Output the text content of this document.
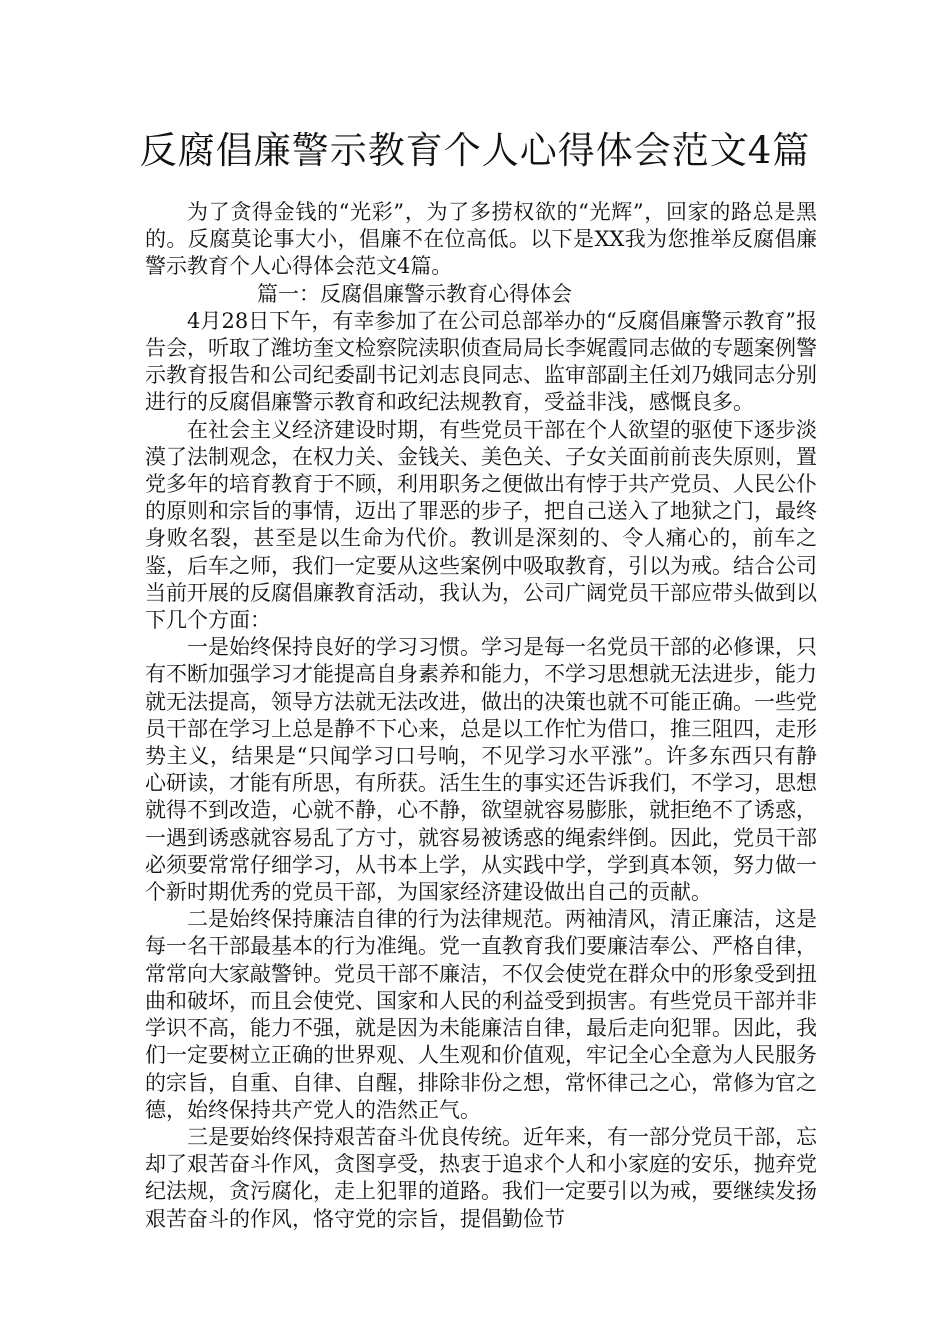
反腐倡廉警示教育个人心得体会范文4篇

为了贪得金钱的“光彩”，为了多捞权欲的“光辉”，回家的路总是黑的。反腐莫论事大小，倡廉不在位高低。以下是XX我为您推举反腐倡廉警示教育个人心得体会范文4篇。

篇一：反腐倡廉警示教育心得体会

4月28日下午，有幸参加了在公司总部举办的“反腐倡廉警示教育”报告会，听取了潍坊奎文检察院渎职侦查局局长李娓霞同志做的专题案例警示教育报告和公司纪委副书记刘志良同志、监审部副主任刘乃娥同志分别进行的反腐倡廉警示教育和政纪法规教育，受益非浅，感慨良多。

在社会主义经济建设时期，有些党员干部在个人欲望的驱使下逐步淡漠了法制观念，在权力关、金钱关、美色关、子女关面前前丧失原则，置党多年的培育教育于不顾，利用职务之便做出有悖于共产党员、人民公仆的原则和宗旨的事情，迈出了罪恶的步子，把自己送入了地狱之门，最终身败名裂，甚至是以生命为代价。教训是深刻的、令人痛心的，前车之鉴，后车之师，我们一定要从这些案例中吸取教育，引以为戒。结合公司当前开展的反腐倡廉教育活动，我认为，公司广阔党员干部应带头做到以下几个方面：

一是始终保持良好的学习习惯。学习是每一名党员干部的必修课，只有不断加强学习才能提高自身素养和能力，不学习思想就无法进步，能力就无法提高，领导方法就无法改进，做出的决策也就不可能正确。一些党员干部在学习上总是静不下心来，总是以工作忙为借口，推三阻四，走形势主义，结果是“只闻学习口号响，不见学习水平涨”。许多东西只有静心研读，才能有所思，有所获。活生生的事实还告诉我们，不学习，思想就得不到改造，心就不静，心不静，欲望就容易膨胀，就拒绝不了诱惑，一遇到诱惑就容易乱了方寸，就容易被诱惑的绳索绊倒。因此，党员干部必须要常常仔细学习，从书本上学，从实践中学，学到真本领，努力做一个新时期优秀的党员干部，为国家经济建设做出自己的贡献。

二是始终保持廉洁自律的行为法律规范。两袖清风，清正廉洁，这是每一名干部最基本的行为准绳。党一直教育我们要廉洁奉公、严格自律，常常向大家敲警钟。党员干部不廉洁，不仅会使党在群众中的形象受到扭曲和破坏，而且会使党、国家和人民的利益受到损害。有些党员干部并非学识不高，能力不强，就是因为未能廉洁自律，最后走向犯罪。因此，我们一定要树立正确的世界观、人生观和价值观，牢记全心全意为人民服务的宗旨，自重、自律、自醒，排除非份之想，常怀律己之心，常修为官之德，始终保持共产党人的浩然正气。

三是要始终保持艰苦奋斗优良传统。近年来，有一部分党员干部，忘却了艰苦奋斗作风，贪图享受，热衷于追求个人和小家庭的安乐，抛弃党纪法规，贪污腐化，走上犯罪的道路。我们一定要引以为戒，要继续发扬艰苦奋斗的作风，恪守党的宗旨，提倡勤俭节
